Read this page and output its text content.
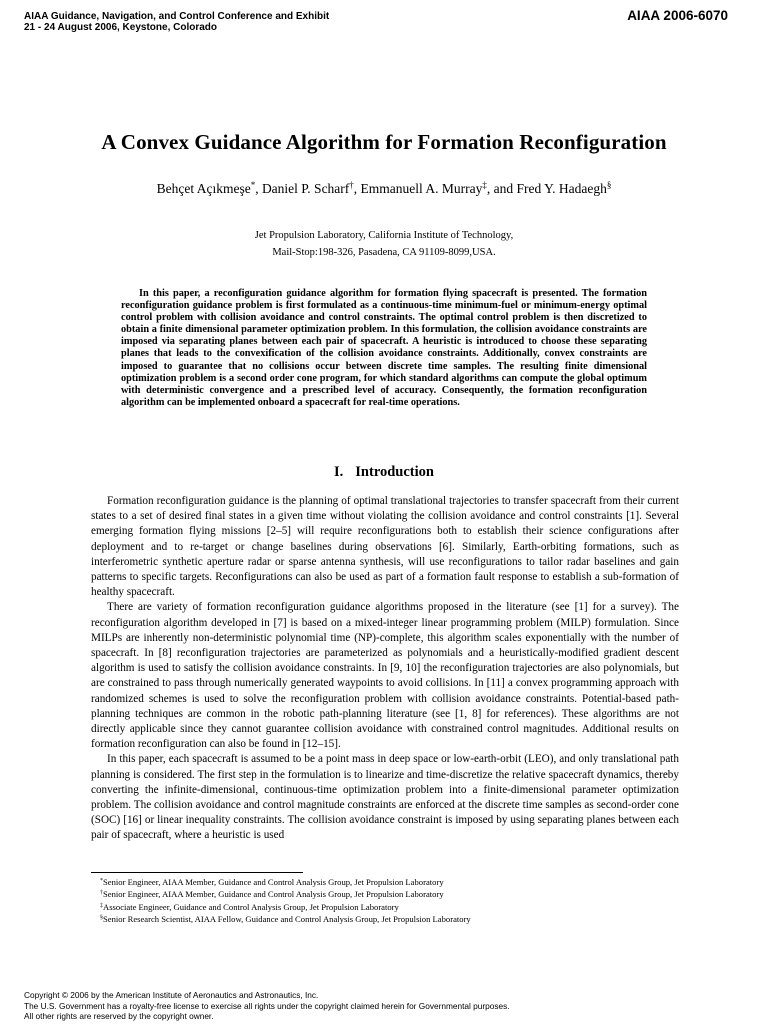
AIAA Guidance, Navigation, and Control Conference and Exhibit
21 - 24 August 2006, Keystone, Colorado
AIAA 2006-6070
A Convex Guidance Algorithm for Formation Reconfiguration
Behçet Açıkmeşe*, Daniel P. Scharf†, Emmanuell A. Murray‡, and Fred Y. Hadaegh§
Jet Propulsion Laboratory, California Institute of Technology,
Mail-Stop:198-326, Pasadena, CA 91109-8099,USA.

In this paper, a reconfiguration guidance algorithm for formation flying spacecraft is presented. The formation reconfiguration guidance problem is first formulated as a continuous-time minimum-fuel or minimum-energy optimal control problem with collision avoidance and control constraints. The optimal control problem is then discretized to obtain a finite dimensional parameter optimization problem. In this formulation, the collision avoidance constraints are imposed via separating planes between each pair of spacecraft. A heuristic is introduced to choose these separating planes that leads to the convexification of the collision avoidance constraints. Additionally, convex constraints are imposed to guarantee that no collisions occur between discrete time samples. The resulting finite dimensional optimization problem is a second order cone program, for which standard algorithms can compute the global optimum with deterministic convergence and a prescribed level of accuracy. Consequently, the formation reconfiguration algorithm can be implemented onboard a spacecraft for real-time operations.

I. Introduction

Formation reconfiguration guidance is the planning of optimal translational trajectories to transfer spacecraft from their current states to a set of desired final states in a given time without violating the collision avoidance and control constraints [1]. Several emerging formation flying missions [2–5] will require reconfigurations both to establish their science configurations after deployment and to re-target or change baselines during observations [6]. Similarly, Earth-orbiting formations, such as interferometric synthetic aperture radar or sparse antenna synthesis, will use reconfigurations to tailor radar baselines and gain patterns to specific targets. Reconfigurations can also be used as part of a formation fault response to establish a sub-formation of healthy spacecraft.

There are variety of formation reconfiguration guidance algorithms proposed in the literature (see [1] for a survey). The reconfiguration algorithm developed in [7] is based on a mixed-integer linear programming problem (MILP) formulation. Since MILPs are inherently non-deterministic polynomial time (NP)-complete, this algorithm scales exponentially with the number of spacecraft. In [8] reconfiguration trajectories are parameterized as polynomials and a heuristically-modified gradient descent algorithm is used to satisfy the collision avoidance constraints. In [9, 10] the reconfiguration trajectories are also polynomials, but are constrained to pass through numerically generated waypoints to avoid collisions. In [11] a convex programming approach with randomized schemes is used to solve the reconfiguration problem with collision avoidance constraints. Potential-based path-planning techniques are common in the robotic path-planning literature (see [1, 8] for references). These algorithms are not directly applicable since they cannot guarantee collision avoidance with constrained control magnitudes. Additional results on formation reconfiguration can also be found in [12–15].

In this paper, each spacecraft is assumed to be a point mass in deep space or low-earth-orbit (LEO), and only translational path planning is considered. The first step in the formulation is to linearize and time-discretize the relative spacecraft dynamics, thereby converting the infinite-dimensional, continuous-time optimization problem into a finite-dimensional parameter optimization problem. The collision avoidance and control magnitude constraints are enforced at the discrete time samples as second-order cone (SOC) [16] or linear inequality constraints. The collision avoidance constraint is imposed by using separating planes between each pair of spacecraft, where a heuristic is used

*Senior Engineer, AIAA Member, Guidance and Control Analysis Group, Jet Propulsion Laboratory
†Senior Engineer, AIAA Member, Guidance and Control Analysis Group, Jet Propulsion Laboratory
‡Associate Engineer, Guidance and Control Analysis Group, Jet Propulsion Laboratory
§Senior Research Scientist, AIAA Fellow, Guidance and Control Analysis Group, Jet Propulsion Laboratory
Copyright © 2006 by the American Institute of Aeronautics and Astronautics, Inc.
The U.S. Government has a royalty-free license to exercise all rights under the copyright claimed herein for Governmental purposes.
All other rights are reserved by the copyright owner.
